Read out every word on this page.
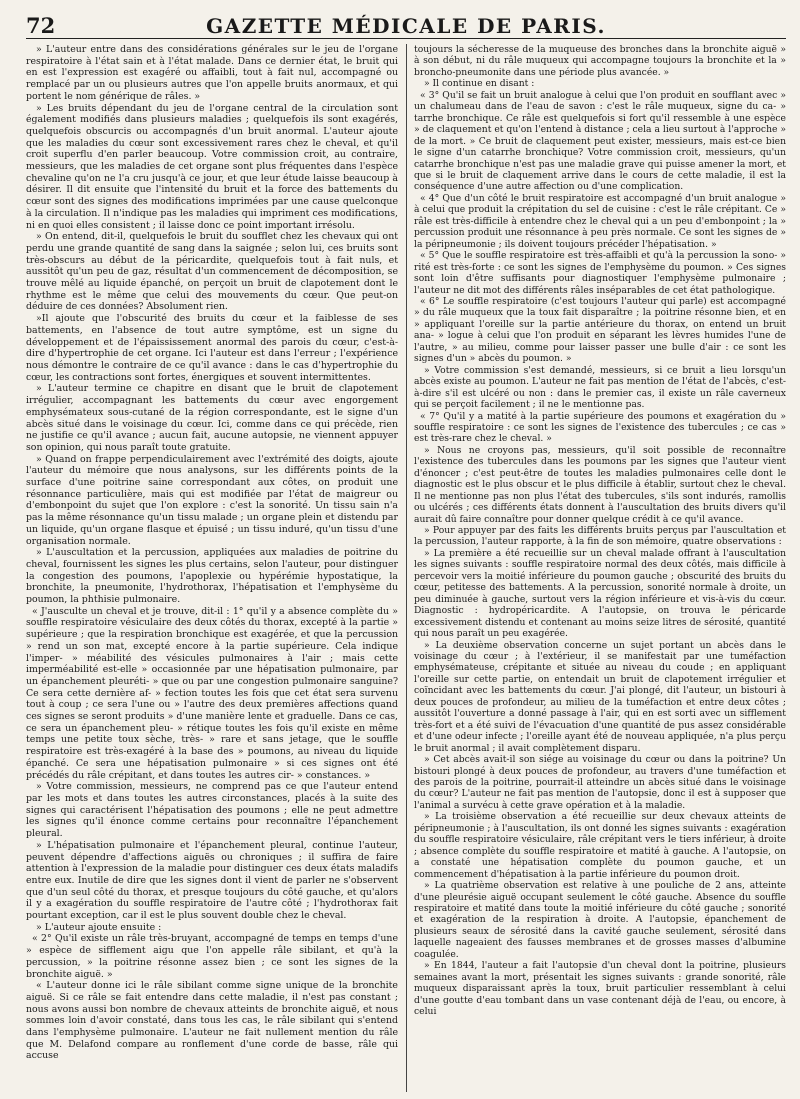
72	GAZETTE MÉDICALE DE PARIS.

» L'auteur entre dans des considérations générales sur le jeu de l'organe respiratoire à l'état sain et à l'état malade. Dans ce dernier état, le bruit qui en est l'expression est exagéré ou affaibli, tout à fait nul, accompagné ou remplacé par un ou plusieurs autres que l'on appelle bruits anormaux, et qui portent le nom générique de râles. »

» Les bruits dépendant du jeu de l'organe central de la circulation sont également modifiés dans plusieurs maladies ; quelquefois ils sont exagérés, quelquefois obscurcis ou accompagnés d'un bruit anormal. L'auteur ajoute que les maladies du cœur sont excessivement rares chez le cheval, et qu'il croit superflu d'en parler beaucoup. Votre commission croit, au contraire, messieurs, que les maladies de cet organe sont plus fréquentes dans l'espèce chevaline qu'on ne l'a cru jusqu'à ce jour, et que leur étude laisse beaucoup à désirer. Il dit ensuite que l'intensité du bruit et la force des battements du cœur sont des signes des modifications imprimées par une cause quelconque à la circulation. Il n'indique pas les maladies qui impriment ces modifications, ni en quoi elles consistent ; il laisse donc ce point important irrésolu.

» On entend, dit-il, quelquefois le bruit du soufflet chez les chevaux qui ont perdu une grande quantité de sang dans la saignée ; selon lui, ces bruits sont très-obscurs au début de la péricardite, quelquefois tout à fait nuls, et aussitôt qu'un peu de gaz, résultat d'un commencement de décomposition, se trouve mêlé au liquide épanché, on perçoit un bruit de clapotement dont le rhythme est le même que celui des mouvements du cœur. Que peut-on déduire de ces données? Absolument rien.

»Il ajoute que l'obscurité des bruits du cœur et la faiblesse de ses battements, en l'absence de tout autre symptôme, est un signe du développement et de l'épaississement anormal des parois du cœur, c'est-à-dire d'hypertrophie de cet organe. Ici l'auteur est dans l'erreur ; l'expérience nous démontre le contraire de ce qu'il avance : dans le cas d'hypertrophie du cœur, les contractions sont fortes, énergiques et souvent intermittentes.

» L'auteur termine ce chapitre en disant que le bruit de clapotement irrégulier, accompagnant les battements du cœur avec engorgement emphysémateux sous-cutané de la région correspondante, est le signe d'un abcès situé dans le voisinage du cœur. Ici, comme dans ce qui précède, rien ne justifie ce qu'il avance ; aucun fait, aucune autopsie, ne viennent appuyer son opinion, qui nous paraît toute gratuite.

» Quand on frappe perpendiculairement avec l'extrémité des doigts, ajoute l'auteur du mémoire que nous analysons, sur les différents points de la surface d'une poitrine saine correspondant aux côtes, on produit une résonnance particulière, mais qui est modifiée par l'état de maigreur ou d'embonpoint du sujet que l'on explore : c'est la sonorité. Un tissu sain n'a pas la même résonnance qu'un tissu malade ; un organe plein et distendu par un liquide, qu'un organe flasque et épuisé ; un tissu induré, qu'un tissu d'une organisation normale.

» L'auscultation et la percussion, appliquées aux maladies de poitrine du cheval, fournissent les signes les plus certains, selon l'auteur, pour distinguer la congestion des poumons, l'apoplexie ou hypérémie hypostatique, la bronchite, la pneumonite, l'hydrothorax, l'hépatisation et l'emphysème du poumon, la phthisie pulmonaire.

« J'ausculte un cheval et je trouve, dit-il : 1° qu'il y a absence complète du » souffle respiratoire vésiculaire des deux côtés du thorax, excepté à la partie » supérieure ; que la respiration bronchique est exagérée, et que la percussion » rend un son mat, excepté encore à la partie supérieure. Cela indique l'imper- » méabilité des vésicules pulmonaires à l'air ; mais cette imperméabilité est-elle » occasionnée par une hépatisation pulmonaire, par un épanchement pleuréti- » que ou par une congestion pulmonaire sanguine? Ce sera cette dernière af- » fection toutes les fois que cet état sera survenu tout à coup ; ce sera l'une ou » l'autre des deux premières affections quand ces signes se seront produits » d'une manière lente et graduelle. Dans ce cas, ce sera un épanchement pleu- » rétique toutes les fois qu'il existe en même temps une petite toux sèche, très- » rare et sans jetage, que le souffle respiratoire est très-exagéré à la base des » poumons, au niveau du liquide épanché. Ce sera une hépatisation pulmonaire » si ces signes ont été précédés du râle crépitant, et dans toutes les autres cir- » constances. »

» Votre commission, messieurs, ne comprend pas ce que l'auteur entend par les mots et dans toutes les autres circonstances, placés à la suite des signes qui caractérisent l'hépatisation des poumons ; elle ne peut admettre les signes qu'il énonce comme certains pour reconnaître l'épanchement pleural.

» L'hépatisation pulmonaire et l'épanchement pleural, continue l'auteur, peuvent dépendre d'affections aiguës ou chroniques ; il suffira de faire attention à l'expression de la maladie pour distinguer ces deux états maladifs entre eux. Inutile de dire que les signes dont il vient de parler ne s'observent que d'un seul côté du thorax, et presque toujours du côté gauche, et qu'alors il y a exagération du souffle respiratoire de l'autre côté ; l'hydrothorax fait pourtant exception, car il est le plus souvent double chez le cheval.

» L'auteur ajoute ensuite :

« 2° Qu'il existe un râle très-bruyant, accompagné de temps en temps d'une » espèce de sifflement aigu que l'on appelle râle sibilant, et qu'à la percussion, » la poitrine résonne assez bien ; ce sont les signes de la bronchite aiguë. »

« L'auteur donne ici le râle sibilant comme signe unique de la bronchite aiguë. Si ce râle se fait entendre dans cette maladie, il n'est pas constant ; nous avons aussi bon nombre de chevaux atteints de bronchite aiguë, et nous sommes loin d'avoir constaté, dans tous les cas, le râle sibilant qui s'entend dans l'emphysème pulmonaire. L'auteur ne fait nullement mention du râle que M. Delafond compare au ronflement d'une corde de basse, râle qui accuse

toujours la sécheresse de la muqueuse des bronches dans la bronchite aiguë » à son début, ni du râle muqueux qui accompagne toujours la bronchite et la » broncho-pneumonite dans une période plus avancée. »

» Il continue en disant :

« 3° Qu'il se fait un bruit analogue à celui que l'on produit en soufflant avec » un chalumeau dans de l'eau de savon : c'est le râle muqueux, signe du ca- » tarrhe bronchique. Ce râle est quelquefois si fort qu'il ressemble à une espèce » de claquement et qu'on l'entend à distance ; cela a lieu surtout à l'approche » de la mort. » Ce bruit de claquement peut exister, messieurs, mais est-ce bien le signe d'un catarrhe bronchique? Votre commission croit, messieurs, qu'un catarrhe bronchique n'est pas une maladie grave qui puisse amener la mort, et que si le bruit de claquement arrive dans le cours de cette maladie, il est la conséquence d'une autre affection ou d'une complication.

« 4° Que d'un côté le bruit respiratoire est accompagné d'un bruit analogue » à celui que produit la crépitation du sel de cuisine : c'est le râle crépitant. Ce » râle est très-difficile à entendre chez le cheval qui a un peu d'embonpoint ; la » percussion produit une résonnance à peu près normale. Ce sont les signes de » la péripneumonie ; ils doivent toujours précéder l'hépatisation. »

« 5° Que le souffle respiratoire est très-affaibli et qu'à la percussion la sono- » rité est très-forte : ce sont les signes de l'emphysème du poumon. » Ces signes sont loin d'être suffisants pour diagnostiquer l'emphysème pulmonaire ; l'auteur ne dit mot des différents râles inséparables de cet état pathologique.

« 6° Le souffle respiratoire (c'est toujours l'auteur qui parle) est accompagné » du râle muqueux que la toux fait disparaître ; la poitrine résonne bien, et en » appliquant l'oreille sur la partie antérieure du thorax, on entend un bruit ana- » logue à celui que l'on produit en séparant les lèvres humides l'une de l'autre, » au milieu, comme pour laisser passer une bulle d'air : ce sont les signes d'un » abcès du poumon. »

» Votre commission s'est demandé, messieurs, si ce bruit a lieu lorsqu'un abcès existe au poumon. L'auteur ne fait pas mention de l'état de l'abcès, c'est-à-dire s'il est ulcéré ou non : dans le premier cas, il existe un râle caverneux qui se perçoit facilement ; il ne le mentionne pas.

« 7° Qu'il y a matité à la partie supérieure des poumons et exagération du » souffle respiratoire : ce sont les signes de l'existence des tubercules ; ce cas » est très-rare chez le cheval. »

» Nous ne croyons pas, messieurs, qu'il soit possible de reconnaître l'existence des tubercules dans les poumons par les signes que l'auteur vient d'énoncer ; c'est peut-être de toutes les maladies pulmonaires celle dont le diagnostic est le plus obscur et le plus difficile à établir, surtout chez le cheval. Il ne mentionne pas non plus l'état des tubercules, s'ils sont indurés, ramollis ou ulcérés ; ces différents états donnent à l'auscultation des bruits divers qu'il aurait dû faire connaître pour donner quelque crédit à ce qu'il avance.

» Pour appuyer par des faits les différents bruits perçus par l'auscultation et la percussion, l'auteur rapporte, à la fin de son mémoire, quatre observations :

» La première a été recueillie sur un cheval malade offrant à l'auscultation les signes suivants : souffle respiratoire normal des deux côtés, mais difficile à percevoir vers la moitié inférieure du poumon gauche ; obscurité des bruits du cœur, petitesse des battements. A la percussion, sonorité normale à droite, un peu diminuée à gauche, surtout vers la région inférieure et vis-à-vis du cœur. Diagnostic : hydropéricardite. A l'autopsie, on trouva le péricarde excessivement distendu et contenant au moins seize litres de sérosité, quantité qui nous paraît un peu exagérée.

» La deuxième observation concerne un sujet portant un abcès dans le voisinage du cœur ; à l'extérieur, il se manifestait par une tuméfaction emphysémateuse, crépitante et située au niveau du coude ; en appliquant l'oreille sur cette partie, on entendait un bruit de clapotement irrégulier et coïncidant avec les battements du cœur. J'ai plongé, dit l'auteur, un bistouri à deux pouces de profondeur, au milieu de la tuméfaction et entre deux côtes ; aussitôt l'ouverture a donné passage à l'air, qui en est sorti avec un sifflement très-fort et a été suivi de l'évacuation d'une quantité de pus assez considérable et d'une odeur infecte ; l'oreille ayant été de nouveau appliquée, n'a plus perçu le bruit anormal ; il avait complètement disparu.

» Cet abcès avait-il son siége au voisinage du cœur ou dans la poitrine? Un bistouri plongé à deux pouces de profondeur, au travers d'une tuméfaction et des parois de la poitrine, pourrait-il atteindre un abcès situé dans le voisinage du cœur? L'auteur ne fait pas mention de l'autopsie, donc il est à supposer que l'animal a survécu à cette grave opération et à la maladie.

» La troisième observation a été recueillie sur deux chevaux atteints de péripneumonie ; à l'auscultation, ils ont donné les signes suivants : exagération du souffle respiratoire vésiculaire, râle crépitant vers le tiers inférieur, à droite ; absence complète du souffle respiratoire et matité à gauche. A l'autopsie, on a constaté une hépatisation complète du poumon gauche, et un commencement d'hépatisation à la partie inférieure du poumon droit.

» La quatrième observation est relative à une pouliche de 2 ans, atteinte d'une pleurésie aiguë occupant seulement le côté gauche. Absence du souffle respiratoire et matité dans toute la moitié inférieure du côté gauche ; sonorité et exagération de la respiration à droite. A l'autopsie, épanchement de plusieurs seaux de sérosité dans la cavité gauche seulement, sérosité dans laquelle nageaient des fausses membranes et de grosses masses d'albumine coagulée.

» En 1844, l'auteur a fait l'autopsie d'un cheval dont la poitrine, plusieurs semaines avant la mort, présentait les signes suivants : grande sonorité, râle muqueux disparaissant après la toux, bruit particulier ressemblant à celui d'une goutte d'eau tombant dans un vase contenant déjà de l'eau, ou encore, à celui
